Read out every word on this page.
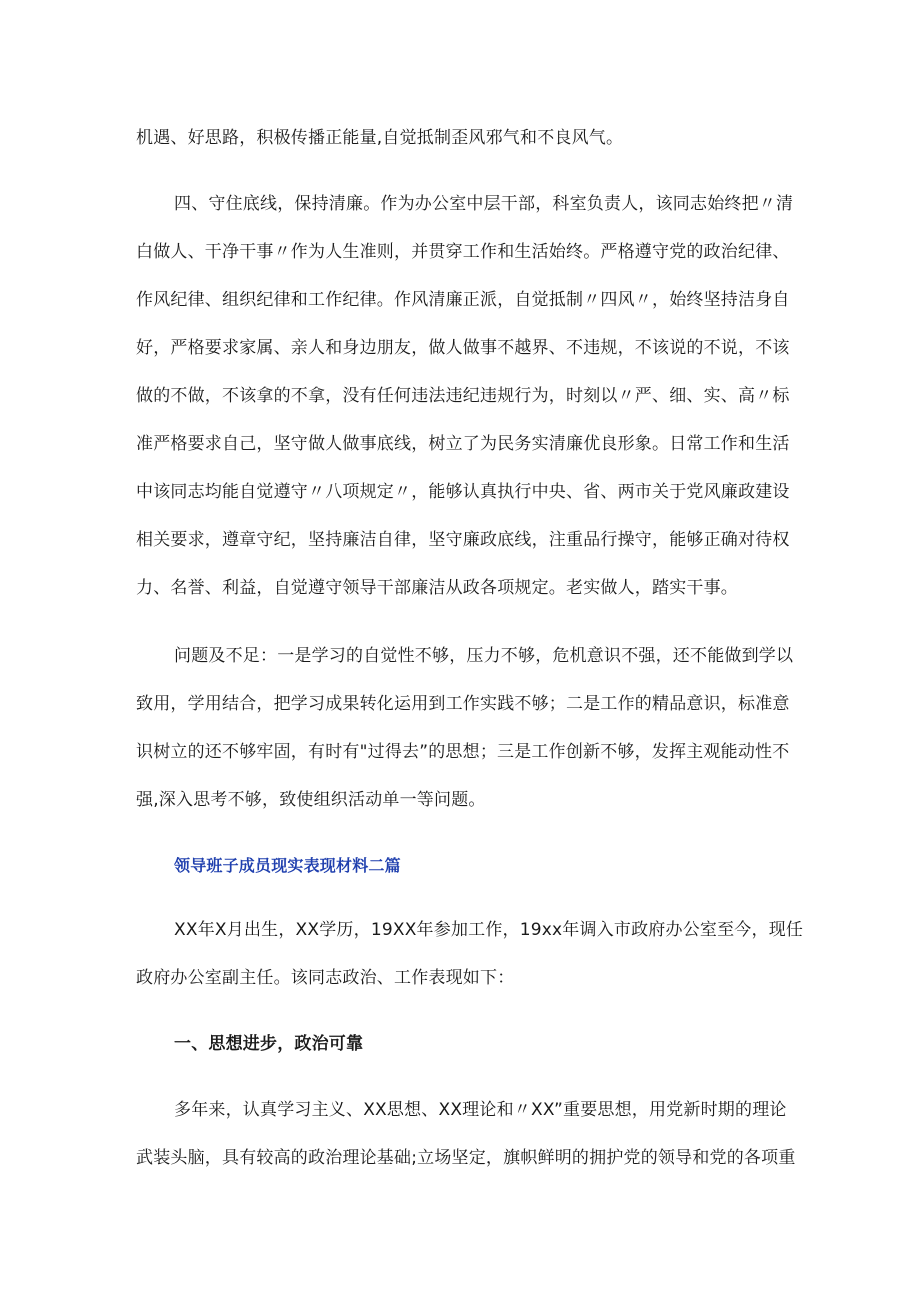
机遇、好思路，积极传播正能量,自觉抵制歪风邪气和不良风气。
四、守住底线，保持清廉。作为办公室中层干部，科室负责人，该同志始终把〃清
白做人、干净干事〃作为人生准则，并贯穿工作和生活始终。严格遵守党的政治纪律、
作风纪律、组织纪律和工作纪律。作风清廉正派，自觉抵制〃四风〃，始终坚持洁身自
好，严格要求家属、亲人和身边朋友，做人做事不越界、不违规，不该说的不说，不该
做的不做，不该拿的不拿，没有任何违法违纪违规行为，时刻以〃严、细、实、高〃标
准严格要求自己，坚守做人做事底线，树立了为民务实清廉优良形象。日常工作和生活
中该同志均能自觉遵守〃八项规定〃，能够认真执行中央、省、两市关于党风廉政建设
相关要求，遵章守纪，坚持廉洁自律，坚守廉政底线，注重品行操守，能够正确对待权
力、名誉、利益，自觉遵守领导干部廉洁从政各项规定。老实做人，踏实干事。
问题及不足：一是学习的自觉性不够，压力不够，危机意识不强，还不能做到学以
致用，学用结合，把学习成果转化运用到工作实践不够；二是工作的精品意识，标准意
识树立的还不够牢固，有时有"过得去”的思想；三是工作创新不够，发挥主观能动性不
强,深入思考不够，致使组织活动单一等问题。
领导班子成员现实表现材料二篇
XX年X月出生，XX学历，19XX年参加工作，19xx年调入市政府办公室至今，现任
政府办公室副主任。该同志政治、工作表现如下：
一、思想进步，政治可靠
多年来，认真学习主义、XX思想、XX理论和〃XX”重要思想，用党新时期的理论
武装头脑，具有较高的政治理论基础;立场坚定，旗帜鲜明的拥护党的领导和党的各项重
